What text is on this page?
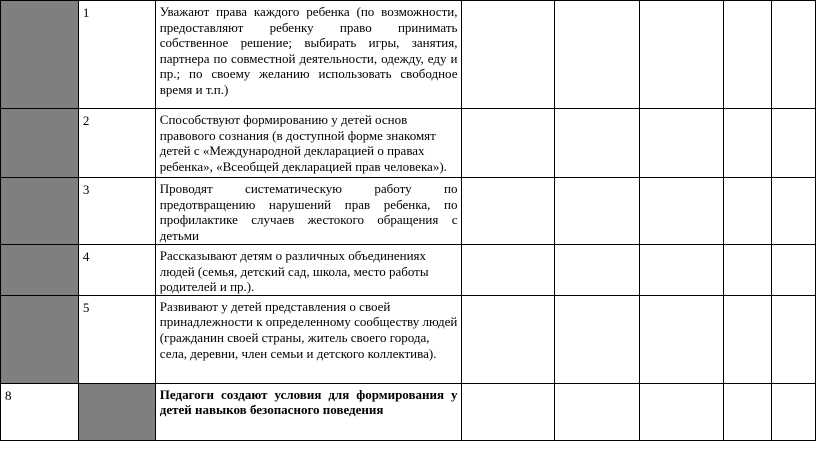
	1	Уважают права каждого ребенка (по возможности, предоставляют ребенку право принимать собственное решение; выбирать игры, занятия, партнера по совместной деятельности, одежду, еду и пр.; по своему желанию использовать свободное время и т.п.)					
	2	Способствуют формированию у детей основ правового сознания (в доступной форме знакомят детей с «Международной декларацией о правах ребенка», «Всеобщей декларацией прав человека»).					
	3	Проводят систематическую работу по предотвращению нарушений прав ребенка, по профилактике случаев жестокого обращения с детьми					
	4	Рассказывают детям о различных объединениях людей (семья, детский сад, школа, место работы родителей и пр.).					
	5	Развивают у детей представления о своей принадлежности к определенному сообществу людей (гражданин своей страны, житель своего города, села, деревни, член семьи и детского коллектива).					
8		Педагоги создают условия для формирования у детей навыков безопасного поведения					
